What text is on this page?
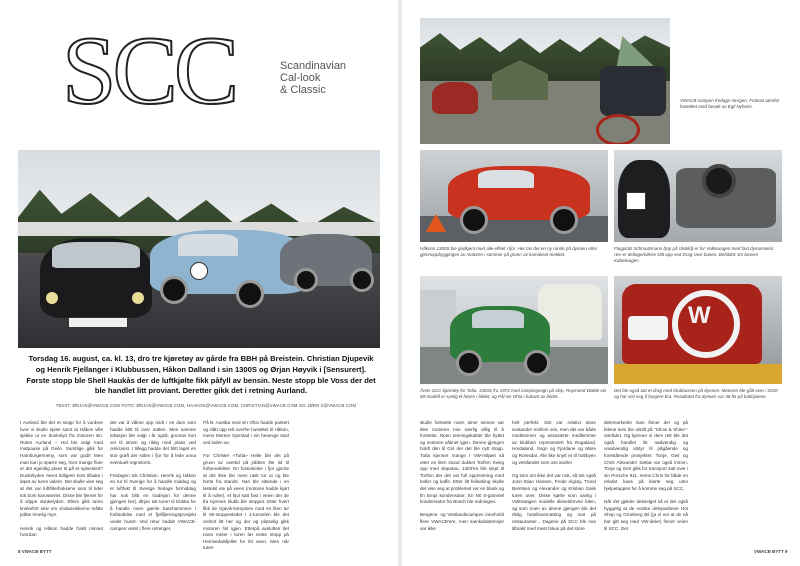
SCC	Scandinavian
Cal-look
& Classic
Torsdag 16. august, ca. kl. 13, dro tre kjøretøy av gårde fra BBH på Breistein. Christian Djupevik og Henrik Fjellanger i Klubbussen, Håkon Dalland i sin 1300S og Ørjan Høyvik i [Sensurert]. Første stopp ble Shell Haukås der de luftkjølte fikk påfyll av bensin. Neste stopp ble Voss der det ble handlet litt proviant. Deretter gikk det i retning Aurland.
TEKST: ØRJAN@VWACB.COM FOTO: ØRJAN@VWACB.COM, HAAKON@VWACB.COM, CHRISTIAN@VWACB.COM OG JØRN S@VWACB.COM
I Aurland ble det et stopp for å vurdere hvor vi skulle spise samt at Håkon ville sjekke ut en dunkelyd fra motoren sin. Ruten Aurland – Hol ble valgt med matpause på Geilo. Samtlige gikk for Hamburgermeny, som var godt! Men man kan jo spørre seg, hvor mange fluer er det egentlig plass til på et spisested? Dunkelyden nevnt tidligere kom tilbake i løpet av turen videre. Det skulle vise seg at det var luftfilterboksene som til tider tok borti karosseriet. Disse ble fjernet for å slippe dunkelyden. Ellers gikk turen knirkefritt selv om vindusviskerne måtte jobbe rimelig mye.

Henrik og Håkon hadde frakti minnet hvordan
det var å våkne opp midt i en dam som hadde blitt til over natten. Men samme lokasjon ble valgt i år også, grunnet kort vei til strøm og riktig med plass ved omkranst. I tillegg hadde det blitt laget en stor grøft der siden i fjor for å lede unna eventuell regnstorm.

Fredagen tok Christian, Henrik og Håkon en tur til Sverige for å handle middag og et luftfukt til Sverige fredags formiddag har nok blitt en tradisjon for denne gjengen her). Ørjan tok turen til Dokka for å handle noen gamle barehammere i forbindelse med et fjellfjerningsprosjekt under huset. Ved retur hadde VWACB-campen vokst i flere retninger,
På B. Austbø med sin Ohio hadde parkert og slått opp telt overfor husteltet til Håkon, mens Morten Gjerstad i sin heavvgn stod ved siden av.

For Christer «Tutla» Helle ble det på grunn av overtid på jobben lite tid til forberedelser. En forsinkelse i fjor gjorde at det ikke ble noen rask tur ut og ble borte fra stands. Han ble sittende i en lastebil ute på veien (motoren hadde kjørt til å ruller), et hjul satt fast i veien der de fra Kjernes klubb ble stoppet. Etter hvert fikk de Gjøvik-kompisen med en liten tur til 60-stoppestedet i 1-tunnelen ble det ordnet litt her og der og plutselig gikk motoren fint igjen. Etterpå avsluttes det noen meter i turen før neste stopp på Hemsedalsfjellet for litt søvn. Men når turen
8 VWACB BYTT
VWACB-campen fredags morgen. Frokost utenfor husteltet med besøk av Egil Nyheim.
Håkons 1300S ble godkjent med alle effekt i fjor. Her tas det en ny runde på dynoen etter gjennoppbyggingen av motoren i sommer på grunn av kamaksel-mekket.
Flugplatz Schmutzmann (top på råstilid) er for Volkswagen med fast dynamokiol. Her er deltagerbilene stilt opp ved Drag-race banen. Bebildet: En brusen Kübelwagen
W
Årets SCC-kjøretøy for Tutla. 1303S fra 1972 med campingvogn på slep. Raymond Walde sin 60-modell er synlig til høyre i bildet, og Pål sin Ohio i bakant av bildet.
Det ble også tatt et drag med Klubbussen på dynoen. Motoren ble gått over i 2010 og har vist seg å fungere bra. Resultatet fra dynoen var 48 hk på bakhjulene.
skulle fortsette noen timer senere var ikke motoren noe særlig villig til å fortsette. Noen tenningskabler ble byttet og motoren våknet igjen. Denne gjengen holdt den til Gol der det ble nytt stopp. Tutla kjenner mange i VW-miljøet så etter en liten stund dukket Torfinn Sveig opp med slepetau. 1303'en ble slept til Torfinn der det var full opprevtning med boller og kaffe. Etter litt feilsøking skulle det vise seg at problemet var en blank og fin Empi kondensator. En N0 0-gammel kondensator fra Bosch ble redningen.

Bergens- og Vestlandscampen inneholdt flere VWACB'ere, men samkalsistensjer var ikke
helt perfekt. Det var relativt store avstander mellom oss, men det var både medlemmer og assosierte medlemmer av klubben representert fra Rogaland, Hordaland, Sogn og Fjordane og Møre og Romsdal. Alle like knytt et til hobbyen og vestlandet som oss andre!

Og som om ikke det var nok, så tok også Jonn-Stian Hansen, Frode Algrøy, Trond Bemtsen og Alexander og Kristian Gaiis turen over. Disse kjørte som vanlig i Volkswagen modelle dieseldrevne bilen, og som noen av denne gjengen ble det riktig hotellovernatting og mat på restauranter... Dagene på SCC ble noe tilbrakt med mest fokus på det store
delemarkedet man finner der og på bilene som ble utstilt på "Show & Shine"-området. Og kjenner vi dem rett ble det også handlet litt nødvendig og unødvendig utstyr til pågående og forestående prosjekter. Tonje, Geir og Chris Alexander Sæbø var også innom. Tonje og Geir gikk for transport satt over i sin Porsche 911, mens Chris for både en relativt kaos på klarte seg uten hjelpetappen for å komme seg på SCC.

Når det gjelder dekselget så er det også hyggelig at de norske delepushene Hot Shop og Groeberg Bil (ja vi vet at de nå har gitt seg med VW-deler) finner veien til SCC. Det
VWACB BYTT 9
